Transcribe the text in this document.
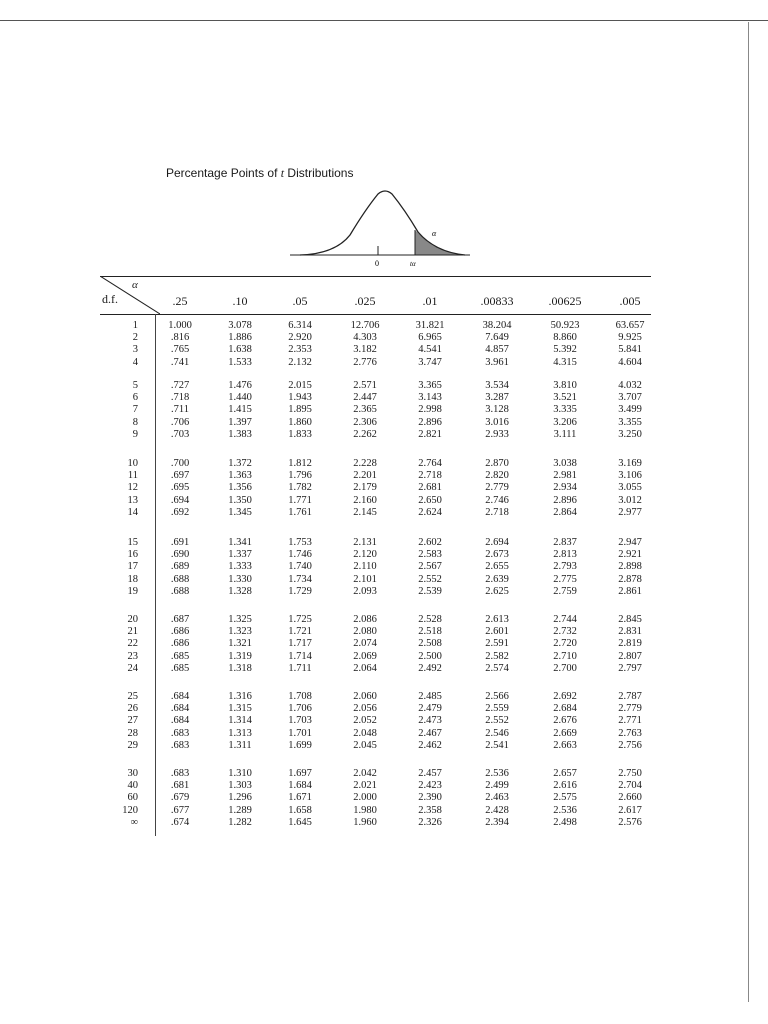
Percentage Points of t Distributions
0	tα
α
α
d.f.	.25	.10	.05	.025	.01	.00833	.00625	.005
1	1.000	3.078	6.314	12.706	31.821	38.204	50.923	63.657
2	.816	1.886	2.920	4.303	6.965	7.649	8.860	9.925
3	.765	1.638	2.353	3.182	4.541	4.857	5.392	5.841
4	.741	1.533	2.132	2.776	3.747	3.961	4.315	4.604
5	.727	1.476	2.015	2.571	3.365	3.534	3.810	4.032
6	.718	1.440	1.943	2.447	3.143	3.287	3.521	3.707
7	.711	1.415	1.895	2.365	2.998	3.128	3.335	3.499
8	.706	1.397	1.860	2.306	2.896	3.016	3.206	3.355
9	.703	1.383	1.833	2.262	2.821	2.933	3.111	3.250
10	.700	1.372	1.812	2.228	2.764	2.870	3.038	3.169
11	.697	1.363	1.796	2.201	2.718	2.820	2.981	3.106
12	.695	1.356	1.782	2.179	2.681	2.779	2.934	3.055
13	.694	1.350	1.771	2.160	2.650	2.746	2.896	3.012
14	.692	1.345	1.761	2.145	2.624	2.718	2.864	2.977
15	.691	1.341	1.753	2.131	2.602	2.694	2.837	2.947
16	.690	1.337	1.746	2.120	2.583	2.673	2.813	2.921
17	.689	1.333	1.740	2.110	2.567	2.655	2.793	2.898
18	.688	1.330	1.734	2.101	2.552	2.639	2.775	2.878
19	.688	1.328	1.729	2.093	2.539	2.625	2.759	2.861
20	.687	1.325	1.725	2.086	2.528	2.613	2.744	2.845
21	.686	1.323	1.721	2.080	2.518	2.601	2.732	2.831
22	.686	1.321	1.717	2.074	2.508	2.591	2.720	2.819
23	.685	1.319	1.714	2.069	2.500	2.582	2.710	2.807
24	.685	1.318	1.711	2.064	2.492	2.574	2.700	2.797
25	.684	1.316	1.708	2.060	2.485	2.566	2.692	2.787
26	.684	1.315	1.706	2.056	2.479	2.559	2.684	2.779
27	.684	1.314	1.703	2.052	2.473	2.552	2.676	2.771
28	.683	1.313	1.701	2.048	2.467	2.546	2.669	2.763
29	.683	1.311	1.699	2.045	2.462	2.541	2.663	2.756
30	.683	1.310	1.697	2.042	2.457	2.536	2.657	2.750
40	.681	1.303	1.684	2.021	2.423	2.499	2.616	2.704
60	.679	1.296	1.671	2.000	2.390	2.463	2.575	2.660
120	.677	1.289	1.658	1.980	2.358	2.428	2.536	2.617
∞	.674	1.282	1.645	1.960	2.326	2.394	2.498	2.576
